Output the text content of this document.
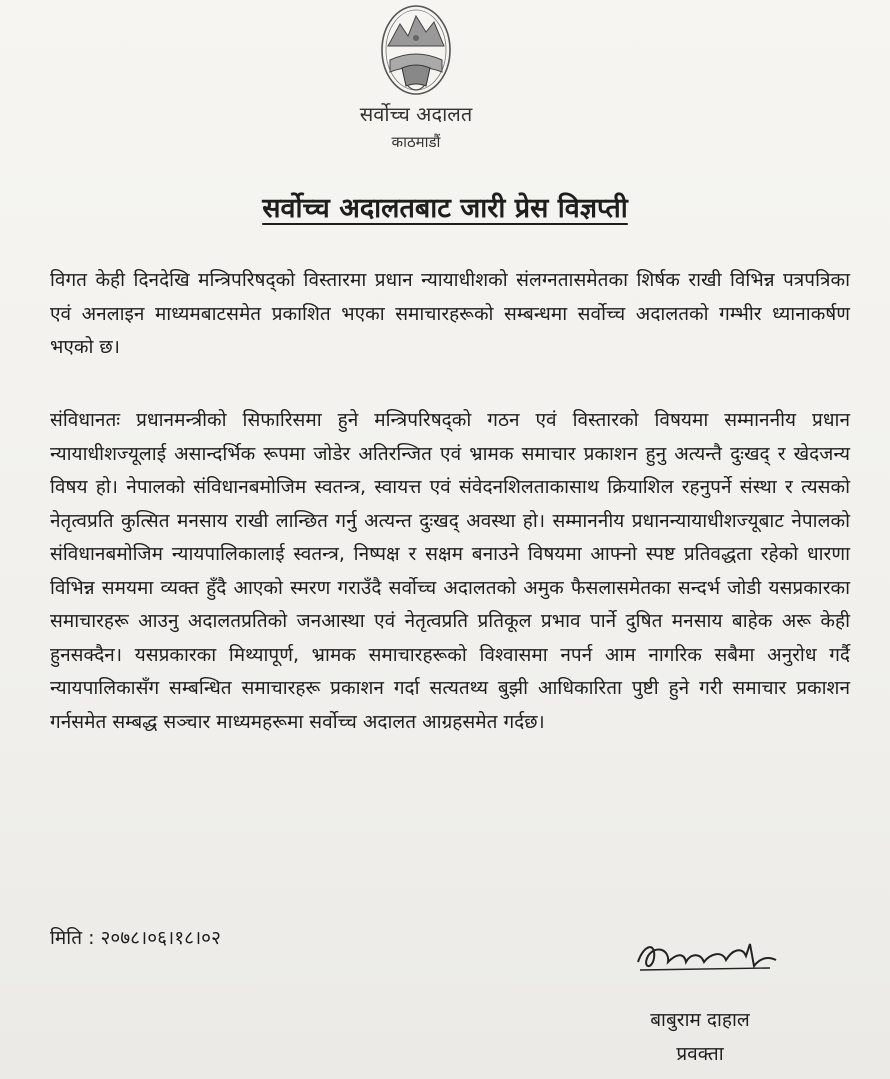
सर्वोच्च अदालत
काठमाडौं
सर्वोच्च अदालतबाट जारी प्रेस विज्ञप्ती

विगत केही दिनदेखि मन्त्रिपरिषद्को विस्तारमा प्रधान न्यायाधीशको संलग्नतासमेतका शिर्षक राखी विभिन्न पत्रपत्रिका एवं अनलाइन माध्यमबाटसमेत प्रकाशित भएका समाचारहरूको सम्बन्धमा सर्वोच्च अदालतको गम्भीर ध्यानाकर्षण भएको छ।

संविधानतः प्रधानमन्त्रीको सिफारिसमा हुने मन्त्रिपरिषद्को गठन एवं विस्तारको विषयमा सम्माननीय प्रधान न्यायाधीशज्यूलाई असान्दर्भिक रूपमा जोडेर अतिरन्जित एवं भ्रामक समाचार प्रकाशन हुनु अत्यन्तै दुःखद् र खेदजन्य विषय हो। नेपालको संविधानबमोजिम स्वतन्त्र, स्वायत्त एवं संवेदनशिलताकासाथ क्रियाशिल रहनुपर्ने संस्था र त्यसको नेतृत्वप्रति कुत्सित मनसाय राखी लान्छित गर्नु अत्यन्त दुःखद् अवस्था हो। सम्माननीय प्रधानन्यायाधीशज्यूबाट नेपालको संविधानबमोजिम न्यायपालिकालाई स्वतन्त्र, निष्पक्ष र सक्षम बनाउने विषयमा आफ्नो स्पष्ट प्रतिवद्धता रहेको धारणा विभिन्न समयमा व्यक्त हुँदै आएको स्मरण गराउँदै सर्वोच्च अदालतको अमुक फैसलासमेतका सन्दर्भ जोडी यसप्रकारका समाचारहरू आउनु अदालतप्रतिको जनआस्था एवं नेतृत्वप्रति प्रतिकूल प्रभाव पार्ने दुषित मनसाय बाहेक अरू केही हुनसक्दैन। यसप्रकारका मिथ्यापूर्ण, भ्रामक समाचारहरूको विश्वासमा नपर्न आम नागरिक सबैमा अनुरोध गर्दै न्यायपालिकासँग सम्बन्धित समाचारहरू प्रकाशन गर्दा सत्यतथ्य बुझी आधिकारिता पुष्टी हुने गरी समाचार प्रकाशन गर्नसमेत सम्बद्ध सञ्चार माध्यमहरूमा सर्वोच्च अदालत आग्रहसमेत गर्दछ।

मिति : २०७८।०६।१८।०२
बाबुराम दाहाल
प्रवक्ता
